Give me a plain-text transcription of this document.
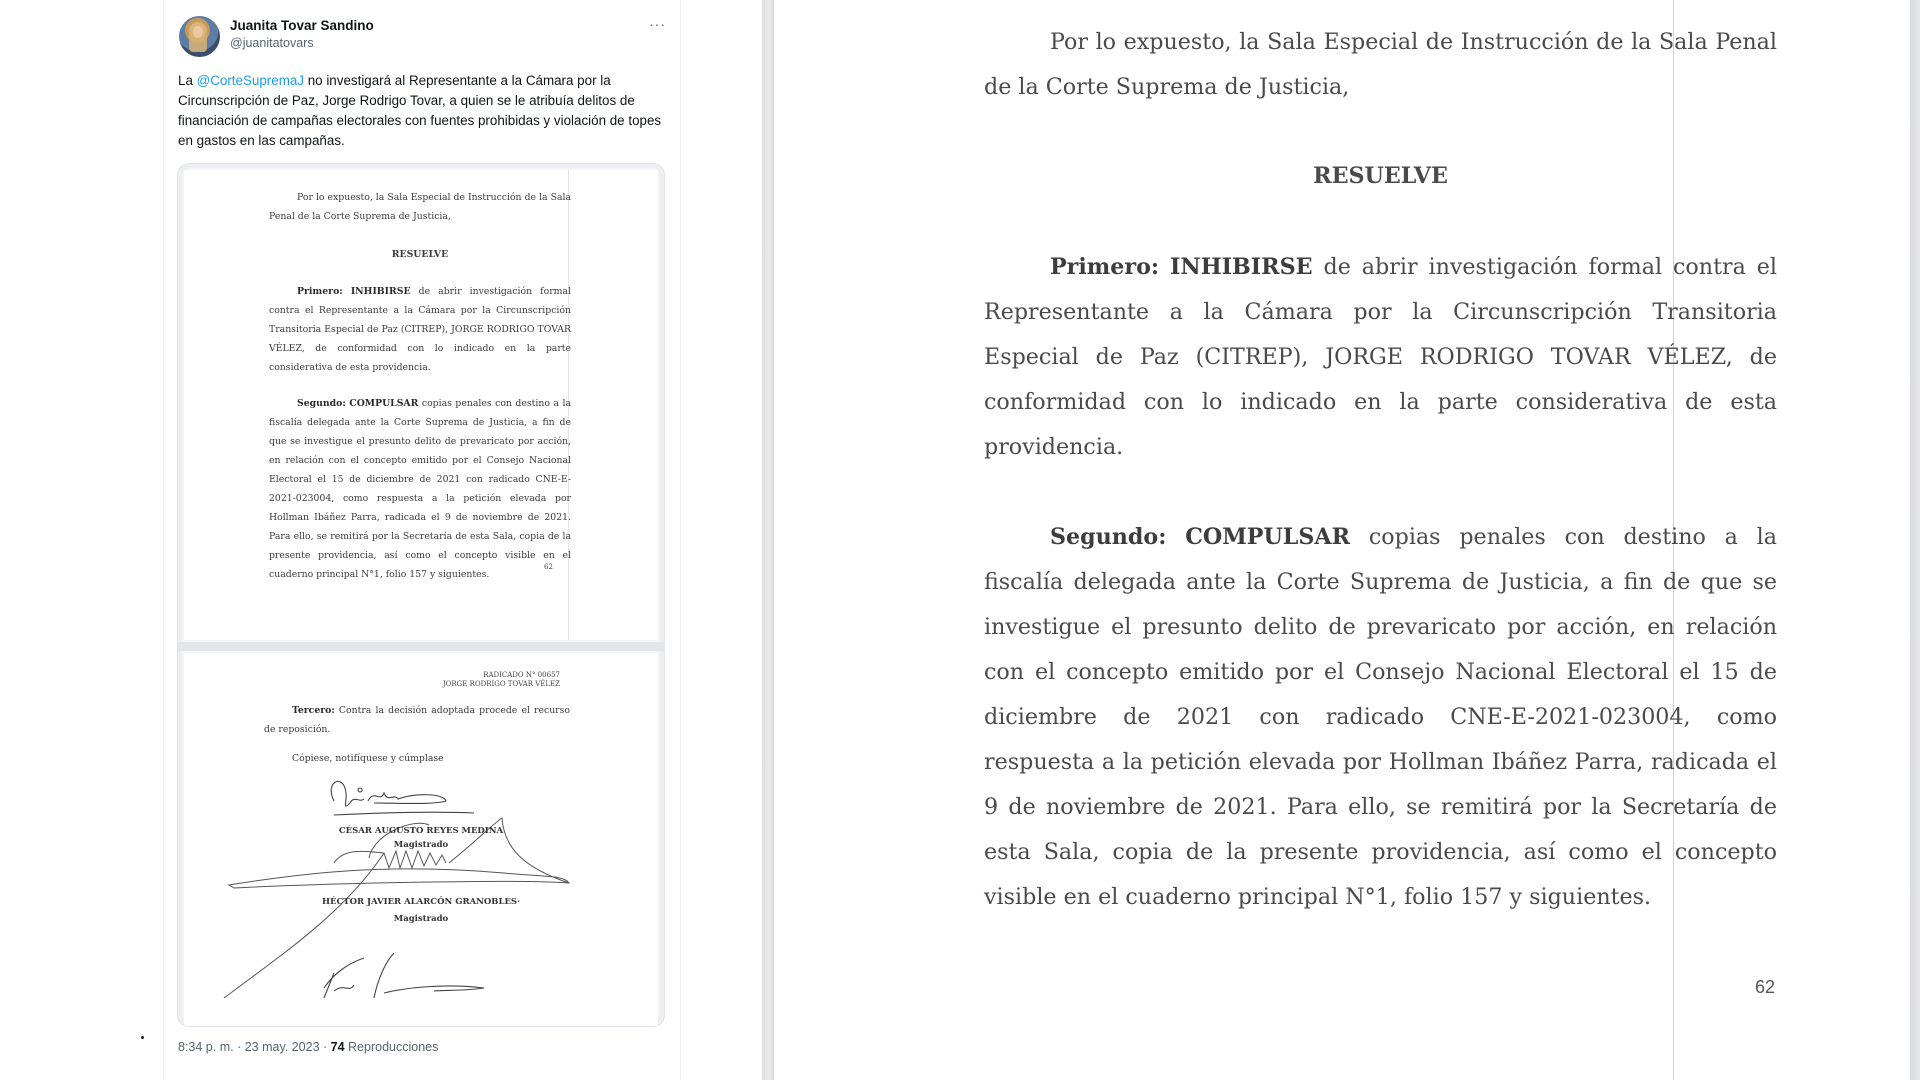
Juanita Tovar Sandino
@juanitatovars
···
La @CorteSupremaJ no investigará al Representante a la Cámara por la Circunscripción de Paz, Jorge Rodrigo Tovar, a quien se le atribuía delitos de financiación de campañas electorales con fuentes prohibidas y violación de topes en gastos en las campañas.
Por lo expuesto, la Sala Especial de Instrucción de la Sala Penal de la Corte Suprema de Justicia,
RESUELVE
Primero: INHIBIRSE de abrir investigación formal contra el Representante a la Cámara por la Circunscripción Transitoria Especial de Paz (CITREP), JORGE RODRIGO TOVAR VÉLEZ, de conformidad con lo indicado en la parte considerativa de esta providencia.
Segundo: COMPULSAR copias penales con destino a la fiscalía delegada ante la Corte Suprema de Justicia, a fin de que se investigue el presunto delito de prevaricato por acción, en relación con el concepto emitido por el Consejo Nacional Electoral el 15 de diciembre de 2021 con radicado CNE-E-2021-023004, como respuesta a la petición elevada por Hollman Ibáñez Parra, radicada el 9 de noviembre de 2021. Para ello, se remitirá por la Secretaría de esta Sala, copia de la presente providencia, así como el concepto visible en el cuaderno principal N°1, folio 157 y siguientes.
62
RADICADO N° 00657
JORGE RODRIGO TOVAR VÉLEZ
Tercero: Contra la decisión adoptada procede el recurso de reposición.
Cópiese, notifíquese y cúmplase
CÉSAR AUGUSTO REYES MEDINA
Magistrado
HÉCTOR JAVIER ALARCÓN GRANOBLES·
Magistrado
8:34 p. m. · 23 may. 2023 · 74 Reproducciones
Por lo expuesto, la Sala Especial de Instrucción de la Sala Penal de la Corte Suprema de Justicia,
RESUELVE
Primero: INHIBIRSE de abrir investigación formal contra el Representante a la Cámara por la Circunscripción Transitoria Especial de Paz (CITREP), JORGE RODRIGO TOVAR VÉLEZ, de conformidad con lo indicado en la parte considerativa de esta providencia.
Segundo: COMPULSAR copias penales con destino a la fiscalía delegada ante la Corte Suprema de Justicia, a fin de que se investigue el presunto delito de prevaricato por acción, en relación con el concepto emitido por el Consejo Nacional Electoral el 15 de diciembre de 2021 con radicado CNE-E-2021-023004, como respuesta a la petición elevada por Hollman Ibáñez Parra, radicada el 9 de noviembre de 2021. Para ello, se remitirá por la Secretaría de esta Sala, copia de la presente providencia, así como el concepto visible en el cuaderno principal N°1, folio 157 y siguientes.
62
